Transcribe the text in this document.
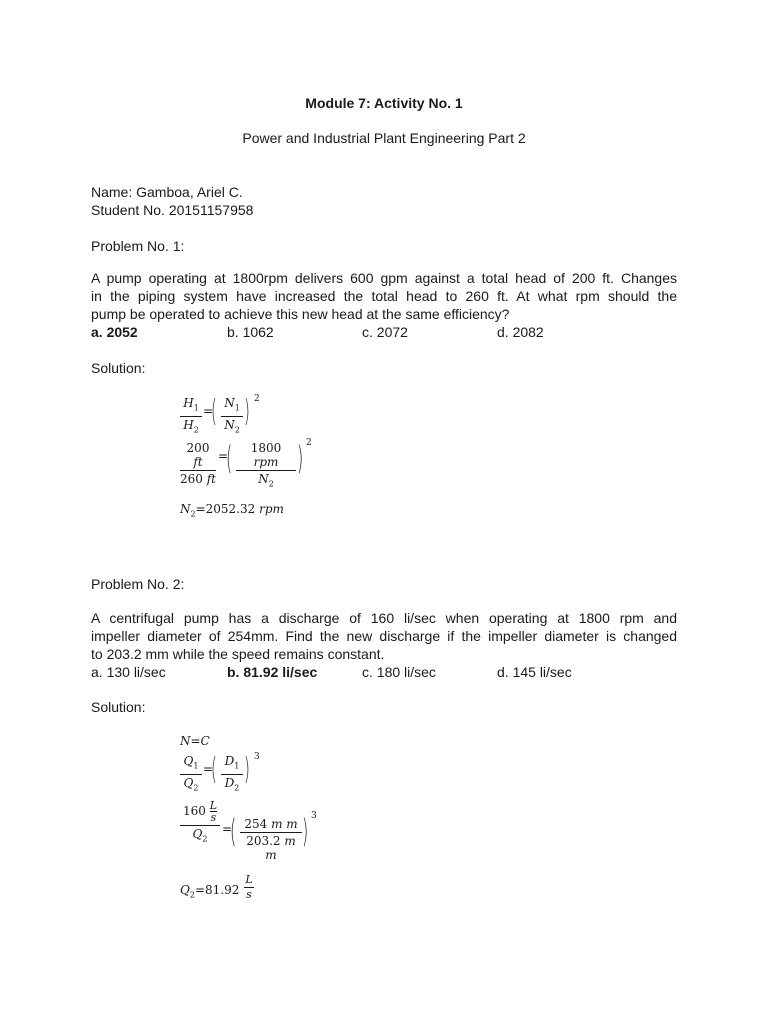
Module 7: Activity No. 1
Power and Industrial Plant Engineering Part 2
Name: Gamboa, Ariel C.
Student No. 20151157958
Problem No. 1:
A pump operating at 1800rpm delivers 600 gpm against a total head of 200 ft. Changes
in the piping system have increased the total head to 260 ft. At what rpm should the
pump be operated to achieve this new head at the same efficiency?
a. 2052	b. 1062	c. 2072	d. 2082
Solution:
$\frac{H_1}{H_2}$ =
( $\frac{N_1}{N_2}$ ) 2
$\frac{200 ft}{260 ft}$ =
(	1800 rpm
$N_2$
) 2
$N_2=2052.32$ rpm
Problem No. 2:
A centrifugal pump has a discharge of 160 li/sec when operating at 1800 rpm and
impeller diameter of 254mm. Find the new discharge if the impeller diameter is changed
to 203.2 mm while the speed remains constant.
a. 130 li/sec	b. 81.92 li/sec	c. 180 li/sec	d. 145 li/sec
Solution:
N=C
$\frac{Q_1}{Q_2}$ =
( $\frac{D_1}{D_2}$ ) 3
$\frac{160 \frac{L}{s}}{Q_2}$ =
( $\frac{\text{254 m m}}{\text{203.2 m m}}$ ) 3
$Q_2=81.92 \frac{L}{s}$
